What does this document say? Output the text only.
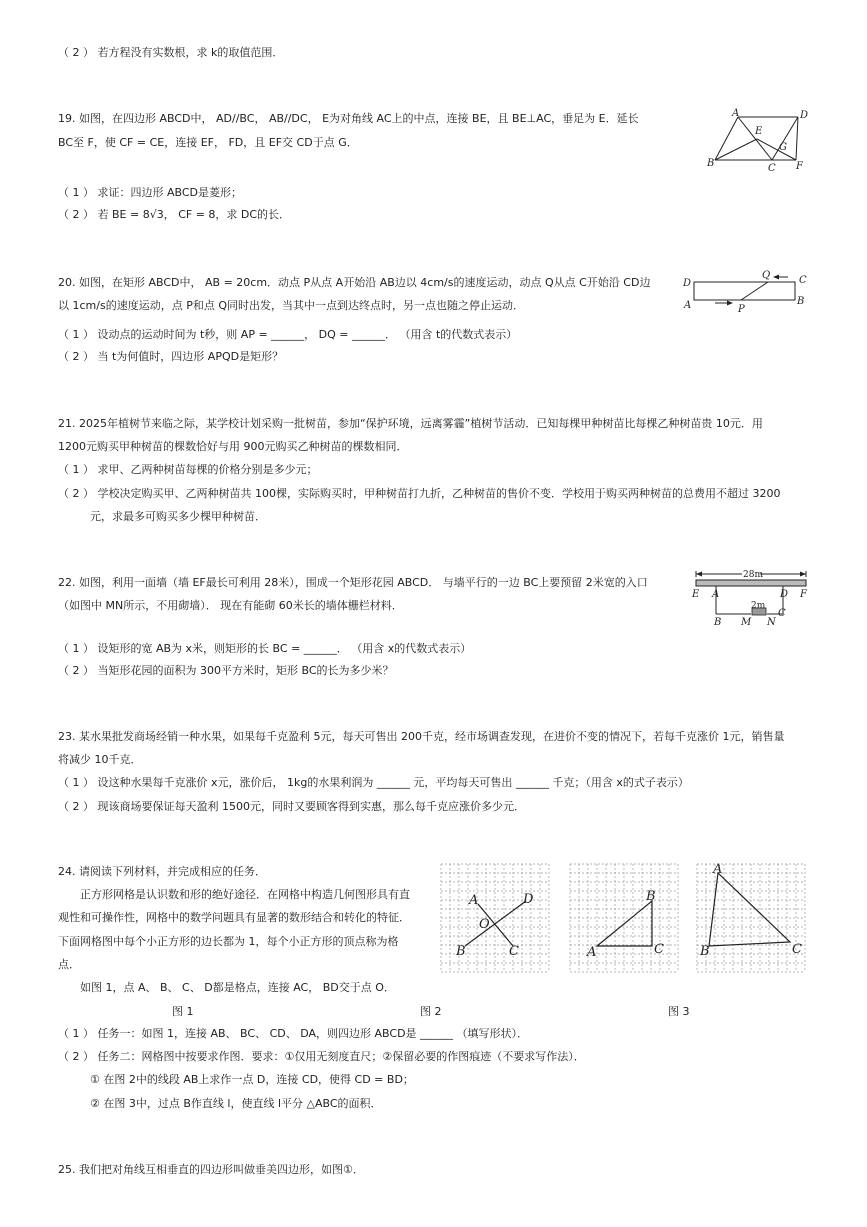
（ 2 ） 若方程没有实数根，求 k的取值范围．
19. 如图，在四边形 ABCD中， AD//BC， AB//DC， E为对角线 AC上的中点，连接 BE，且 BE⊥AC，垂足为 E．延长
BC至 F，使 CF = CE，连接 EF， FD，且 EF交 CD于点 G．
（ 1 ） 求证：四边形 ABCD是菱形；
（ 2 ） 若 BE = 8√3， CF = 8，求 DC的长．
A	D
E
G
B	C F
20. 如图，在矩形 ABCD中， AB = 20cm．动点 P从点 A开始沿 AB边以 4cm/s的速度运动，动点 Q从点 C开始沿 CD边
以 1cm/s的速度运动，点 P和点 Q同时出发，当其中一点到达终点时，另一点也随之停止运动．
（ 1 ） 设动点的运动时间为 t秒，则 AP = ______， DQ = ______． （用含 t的代数式表示）
（ 2 ） 当 t为何值时，四边形 APQD是矩形？
D	C
Q
A	B
P
21. 2025年植树节来临之际，某学校计划采购一批树苗，参加“保护环境，远离雾霾”植树节活动．已知每棵甲种树苗比每棵乙种树苗贵 10元．用
1200元购买甲种树苗的棵数恰好与用 900元购买乙种树苗的棵数相同．
（ 1 ） 求甲、乙两种树苗每棵的价格分别是多少元；
（ 2 ） 学校决定购买甲、乙两种树苗共 100棵，实际购买时，甲种树苗打九折，乙种树苗的售价不变．学校用于购买两种树苗的总费用不超过 3200
元，求最多可购买多少棵甲种树苗．
22. 如图，利用一面墙（墙 EF最长可利用 28米），围成一个矩形花园 ABCD． 与墙平行的一边 BC上要预留 2米宽的入口
（如图中 MN所示，不用砌墙）． 现在有能砌 60米长的墙体栅栏材料．
（ 1 ） 设矩形的宽 AB为 x米，则矩形的长 BC = ______． （用含 x的代数式表示）
（ 2 ） 当矩形花园的面积为 300平方米时，矩形 BC的长为多少米？
28m
2m
E A	D F
C
B M N
23. 某水果批发商场经销一种水果，如果每千克盈利 5元，每天可售出 200千克，经市场调查发现，在进价不变的情况下，若每千克涨价 1元，销售量
将减少 10千克．
（ 1 ） 设这种水果每千克涨价 x元，涨价后， 1kg的水果利润为 ______ 元，平均每天可售出 ______ 千克；（用含 x的式子表示）
（ 2 ） 现该商场要保证每天盈利 1500元，同时又要顾客得到实惠，那么每千克应涨价多少元．
24. 请阅读下列材料，并完成相应的任务．
正方形网格是认识数和形的绝好途径．在网格中构造几何图形具有直
观性和可操作性，网格中的数学问题具有显著的数形结合和转化的特征．
下面网格图中每个小正方形的边长都为 1，每个小正方形的顶点称为格
点．
如图 1，点 A、 B、 C、 D都是格点，连接 AC， BD交于点 O．
A	D
O
B	C
B
A	C
A
B	C
图 1	图 2	图 3
（ 1 ） 任务一：如图 1，连接 AB、 BC、 CD、 DA，则四边形 ABCD是 ______ （填写形状）．
（ 2 ） 任务二：网格图中按要求作图．要求：①仅用无刻度直尺；②保留必要的作图痕迹（不要求写作法）．
① 在图 2中的线段 AB上求作一点 D，连接 CD，使得 CD = BD；
② 在图 3中，过点 B作直线 l，使直线 l平分 △ABC的面积．
25. 我们把对角线互相垂直的四边形叫做垂美四边形，如图①．
